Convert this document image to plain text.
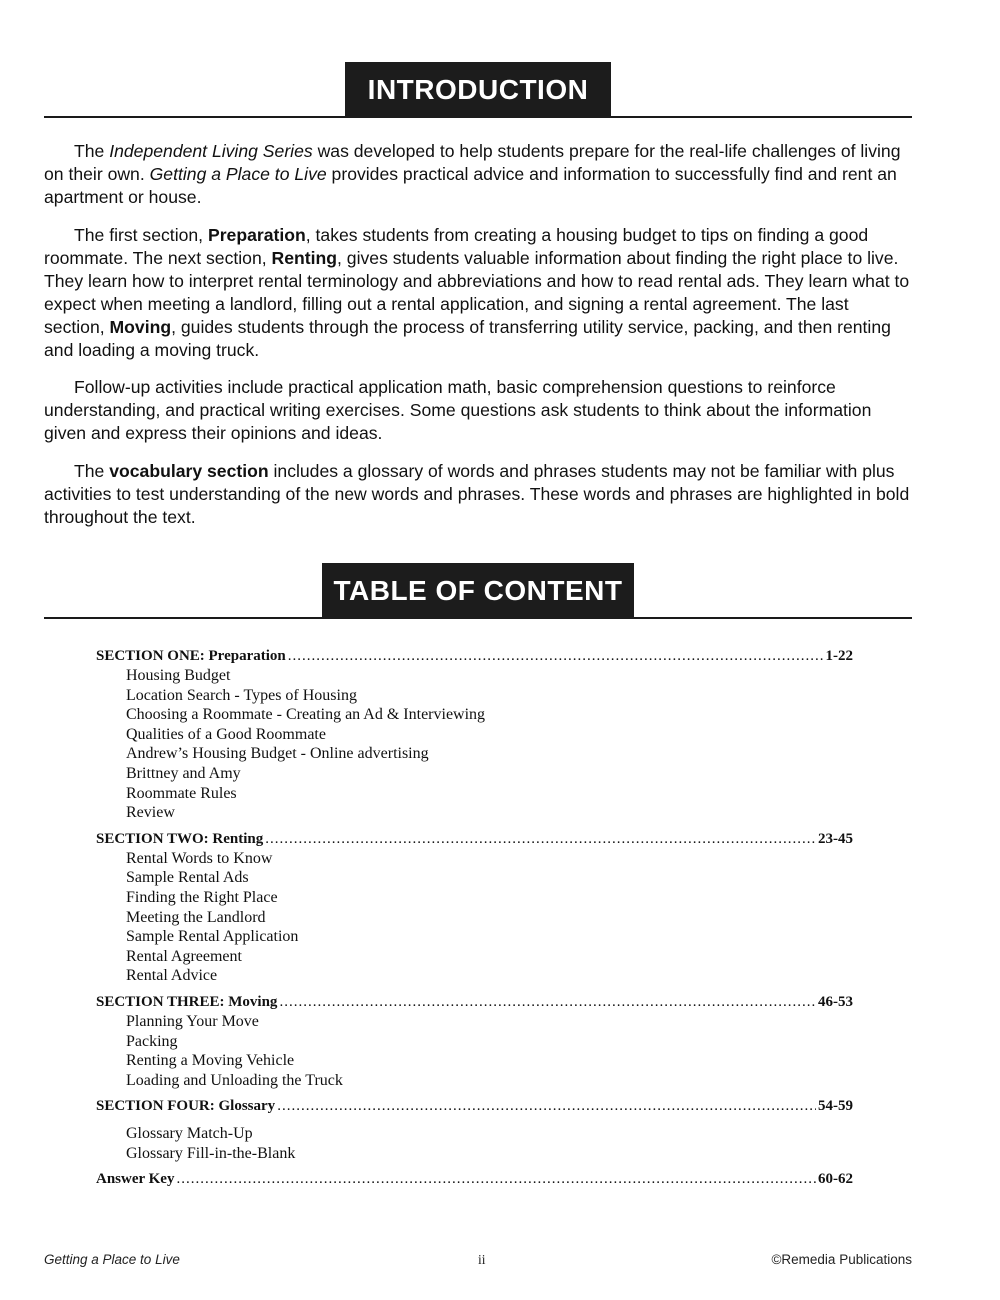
INTRODUCTION

The Independent Living Series was developed to help students prepare for the real-life challenges of living on their own. Getting a Place to Live provides practical advice and information to successfully find and rent an apartment or house.

The first section, Preparation, takes students from creating a housing budget to tips on finding a good roommate. The next section, Renting, gives students valuable information about finding the right place to live. They learn how to interpret rental terminology and abbreviations and how to read rental ads. They learn what to expect when meeting a landlord, filling out a rental application, and signing a rental agreement. The last section, Moving, guides students through the process of transferring utility service, packing, and then renting and loading a moving truck.

Follow-up activities include practical application math, basic comprehension questions to reinforce understanding, and practical writing exercises. Some questions ask students to think about the information given and express their opinions and ideas.

The vocabulary section includes a glossary of words and phrases students may not be familiar with plus activities to test understanding of the new words and phrases. These words and phrases are highlighted in bold throughout the text.

TABLE OF CONTENT
SECTION ONE: Preparation .....	1-22
Housing Budget
Location Search - Types of Housing
Choosing a Roommate - Creating an Ad & Interviewing
Qualities of a Good Roommate
Andrew’s Housing Budget - Online advertising
Brittney and Amy
Roommate Rules
Review
SECTION TWO: Renting .....	23-45
Rental Words to Know
Sample Rental Ads
Finding the Right Place
Meeting the Landlord
Sample Rental Application
Rental Agreement
Rental Advice
SECTION THREE: Moving .....	46-53
Planning Your Move
Packing
Renting a Moving Vehicle
Loading and Unloading the Truck
SECTION FOUR: Glossary .....	54-59
Glossary Match-Up
Glossary Fill-in-the-Blank
Answer Key .....	60-62
Getting a Place to Live	ii	©Remedia Publications
